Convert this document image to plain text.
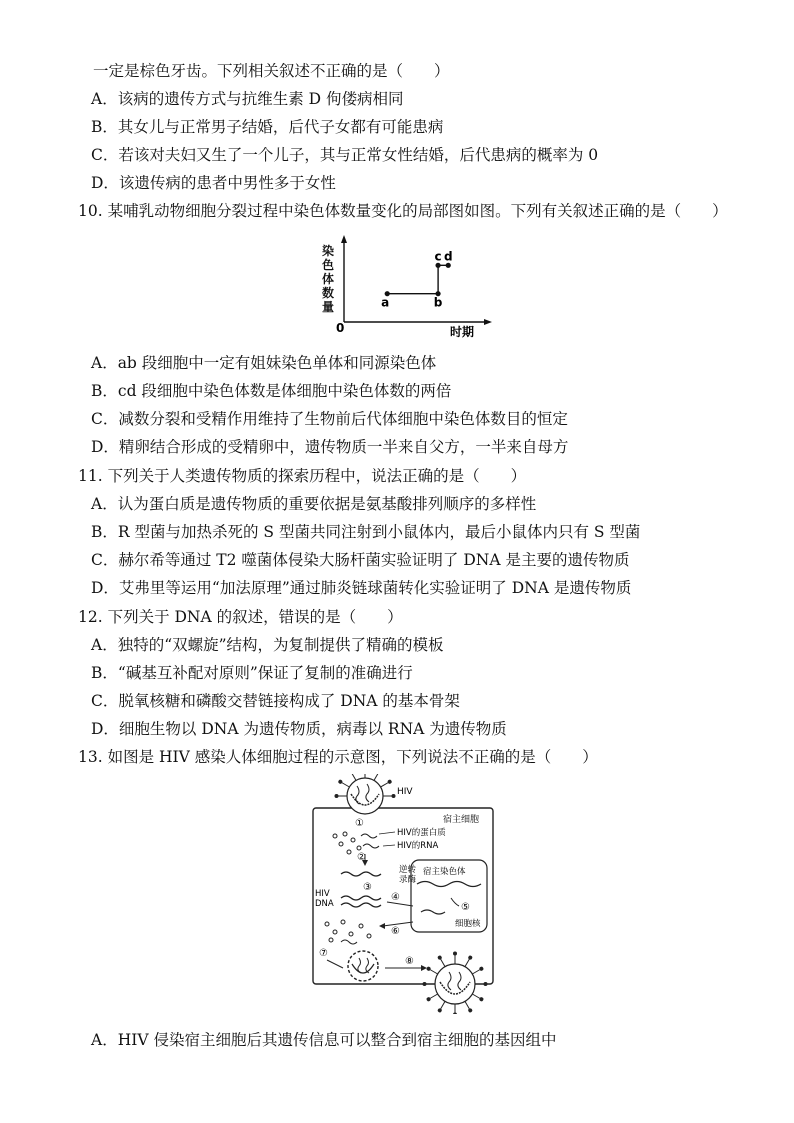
一定是棕色牙齿。下列相关叙述不正确的是（　　）
A．该病的遗传方式与抗维生素 D 佝偻病相同
B．其女儿与正常男子结婚，后代子女都有可能患病
C．若该对夫妇又生了一个儿子，其与正常女性结婚，后代患病的概率为 0
D．该遗传病的患者中男性多于女性
10. 某哺乳动物细胞分裂过程中染色体数量变化的局部图如图。下列有关叙述正确的是（　　）
染
色
体
数
量
0	时期
a	b
c d
A．ab 段细胞中一定有姐妹染色单体和同源染色体
B．cd 段细胞中染色体数是体细胞中染色体数的两倍
C．减数分裂和受精作用维持了生物前后代体细胞中染色体数目的恒定
D．精卵结合形成的受精卵中，遗传物质一半来自父方，一半来自母方
11. 下列关于人类遗传物质的探索历程中，说法正确的是（　　）
A．认为蛋白质是遗传物质的重要依据是氨基酸排列顺序的多样性
B．R 型菌与加热杀死的 S 型菌共同注射到小鼠体内，最后小鼠体内只有 S 型菌
C．赫尔希等通过 T2 噬菌体侵染大肠杆菌实验证明了 DNA 是主要的遗传物质
D．艾弗里等运用“加法原理”通过肺炎链球菌转化实验证明了 DNA 是遗传物质
12. 下列关于 DNA 的叙述，错误的是（　　）
A．独特的“双螺旋”结构，为复制提供了精确的模板
B．“碱基互补配对原则”保证了复制的准确进行
C．脱氧核糖和磷酸交替链接构成了 DNA 的基本骨架
D．细胞生物以 DNA 为遗传物质，病毒以 RNA 为遗传物质
13. 如图是 HIV 感染人体细胞过程的示意图，下列说法不正确的是（　　）
宿主细胞
HIV
①
HIV的蛋白质
HIV的RNA
②
逆转
录酶
③
HIV
DNA
宿主染色体
④
⑤
细胞核
⑥
⑦
⑧
A．HIV 侵染宿主细胞后其遗传信息可以整合到宿主细胞的基因组中
